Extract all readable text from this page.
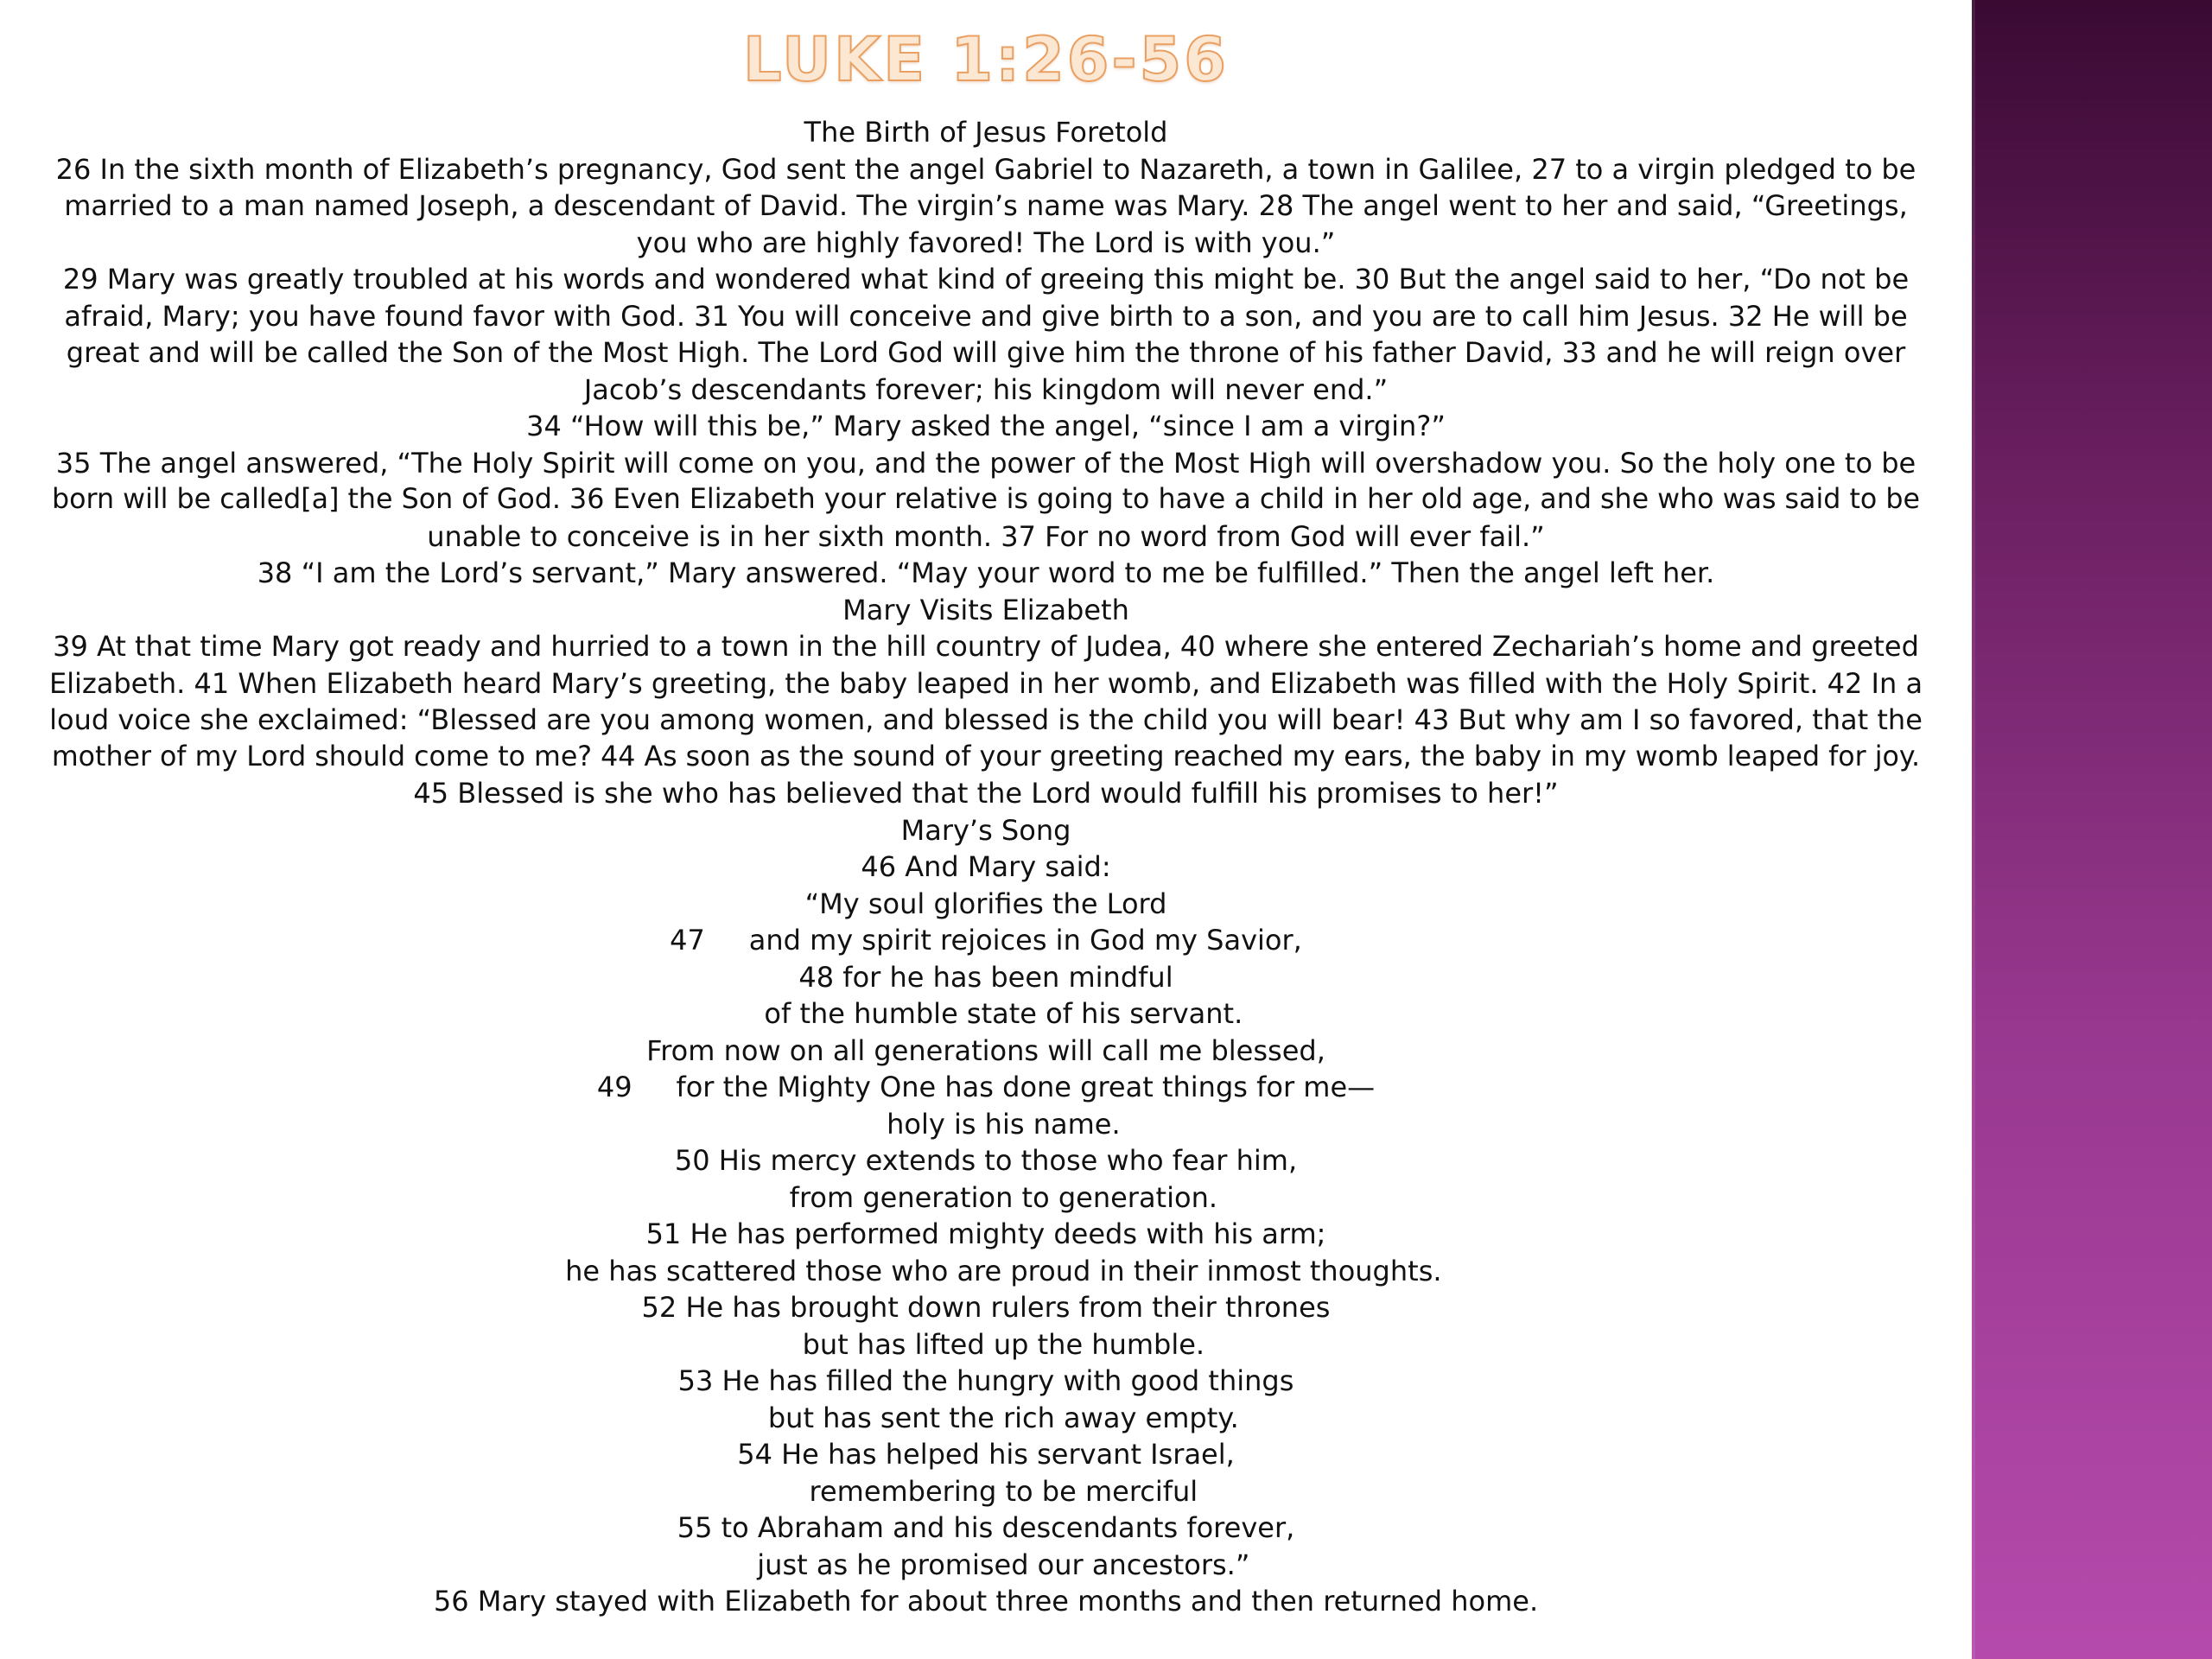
LUKE 1:26-56
The Birth of Jesus Foretold
26 In the sixth month of Elizabeth’s pregnancy, God sent the angel Gabriel to Nazareth, a town in Galilee, 27 to a virgin pledged to be
married to a man named Joseph, a descendant of David. The virgin’s name was Mary. 28 The angel went to her and said, “Greetings,
you who are highly favored! The Lord is with you.”
29 Mary was greatly troubled at his words and wondered what kind of greeing this might be. 30 But the angel said to her, “Do not be
afraid, Mary; you have found favor with God. 31 You will conceive and give birth to a son, and you are to call him Jesus. 32 He will be
great and will be called the Son of the Most High. The Lord God will give him the throne of his father David, 33 and he will reign over
Jacob’s descendants forever; his kingdom will never end.”
34 “How will this be,” Mary asked the angel, “since I am a virgin?”
35 The angel answered, “The Holy Spirit will come on you, and the power of the Most High will overshadow you. So the holy one to be
born will be called[a] the Son of God. 36 Even Elizabeth your relative is going to have a child in her old age, and she who was said to be
unable to conceive is in her sixth month. 37 For no word from God will ever fail.”
38 “I am the Lord’s servant,” Mary answered. “May your word to me be fulfilled.” Then the angel left her.
Mary Visits Elizabeth
39 At that time Mary got ready and hurried to a town in the hill country of Judea, 40 where she entered Zechariah’s home and greeted
Elizabeth. 41 When Elizabeth heard Mary’s greeting, the baby leaped in her womb, and Elizabeth was filled with the Holy Spirit. 42 In a
loud voice she exclaimed: “Blessed are you among women, and blessed is the child you will bear! 43 But why am I so favored, that the
mother of my Lord should come to me? 44 As soon as the sound of your greeting reached my ears, the baby in my womb leaped for joy.
45 Blessed is she who has believed that the Lord would fulfill his promises to her!”
Mary’s Song
46 And Mary said:
“My soul glorifies the Lord
47     and my spirit rejoices in God my Savior,
48 for he has been mindful
of the humble state of his servant.
From now on all generations will call me blessed,
49     for the Mighty One has done great things for me—
holy is his name.
50 His mercy extends to those who fear him,
from generation to generation.
51 He has performed mighty deeds with his arm;
he has scattered those who are proud in their inmost thoughts.
52 He has brought down rulers from their thrones
but has lifted up the humble.
53 He has filled the hungry with good things
but has sent the rich away empty.
54 He has helped his servant Israel,
remembering to be merciful
55 to Abraham and his descendants forever,
just as he promised our ancestors.”
56 Mary stayed with Elizabeth for about three months and then returned home.
